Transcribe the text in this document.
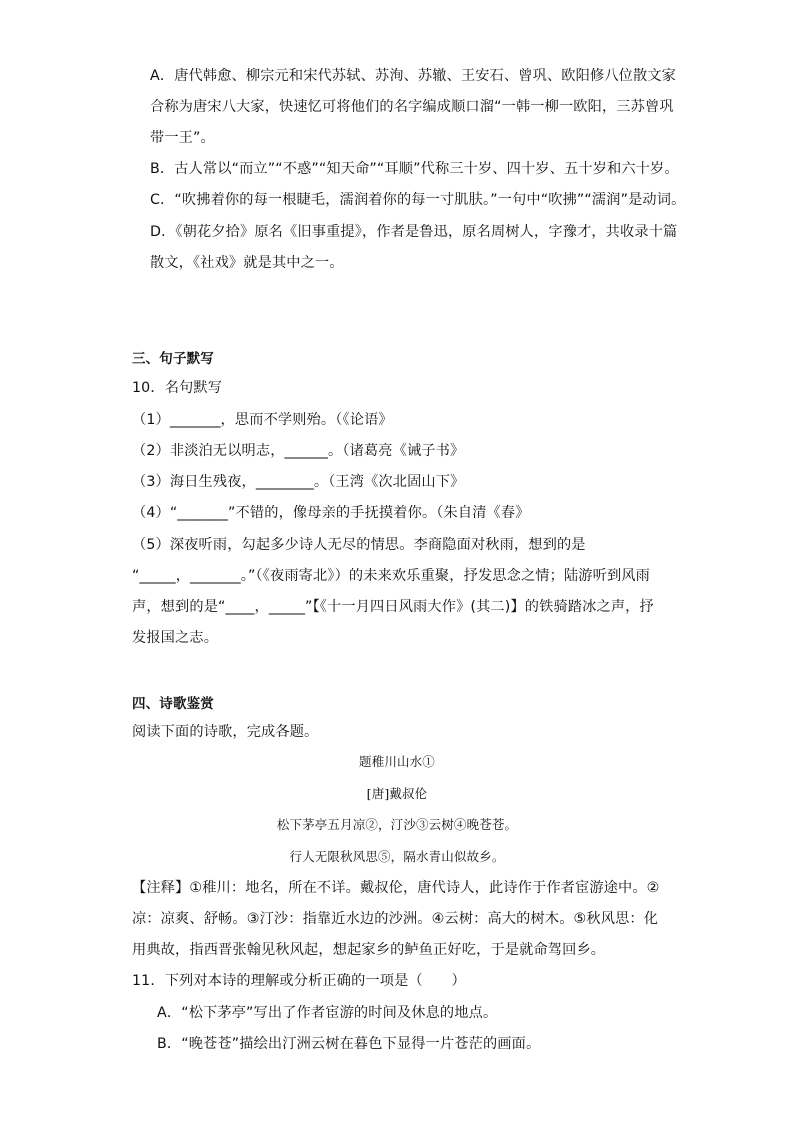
A．唐代韩愈、柳宗元和宋代苏轼、苏洵、苏辙、王安石、曾巩、欧阳修八位散文家
合称为唐宋八大家，快速忆可将他们的名字编成顺口溜“一韩一柳一欧阳，三苏曾巩
带一王”。
B．古人常以“而立”“不惑”“知天命”“耳顺”代称三十岁、四十岁、五十岁和六十岁。
C．“吹拂着你的每一根睫毛，濡润着你的每一寸肌肤。”一句中“吹拂”“濡润”是动词。
D．《朝花夕拾》原名《旧事重提》，作者是鲁迅，原名周树人，字豫才，共收录十篇
散文，《社戏》就是其中之一。
三、句子默写
10．名句默写
（1）_______，思而不学则殆。（《论语》
（2）非淡泊无以明志，______。（诸葛亮《诫子书》
（3）海日生残夜，________。（王湾《次北固山下》
（4）“_______”不错的，像母亲的手抚摸着你。（朱自清《春》
（5）深夜听雨，勾起多少诗人无尽的情思。李商隐面对秋雨，想到的是
“_____，_______。”（《夜雨寄北》）的未来欢乐重聚，抒发思念之情；陆游听到风雨
声，想到的是“____，_____”【《十一月四日风雨大作》(其二)】的铁骑踏冰之声，抒
发报国之志。
四、诗歌鉴赏
阅读下面的诗歌，完成各题。
题稚川山水①
[唐]戴叔伦
松下茅亭五月凉②，汀沙③云树④晚苍苍。
行人无限秋风思⑤，隔水青山似故乡。
【注释】①稚川：地名，所在不详。戴叔伦，唐代诗人，此诗作于作者宦游途中。②
凉：凉爽、舒畅。③汀沙：指靠近水边的沙洲。④云树：高大的树木。⑤秋风思：化
用典故，指西晋张翰见秋风起，想起家乡的鲈鱼正好吃，于是就命驾回乡。
11．下列对本诗的理解或分析正确的一项是（　　）
A．“松下茅亭”写出了作者宦游的时间及休息的地点。
B．“晚苍苍”描绘出汀洲云树在暮色下显得一片苍茫的画面。
